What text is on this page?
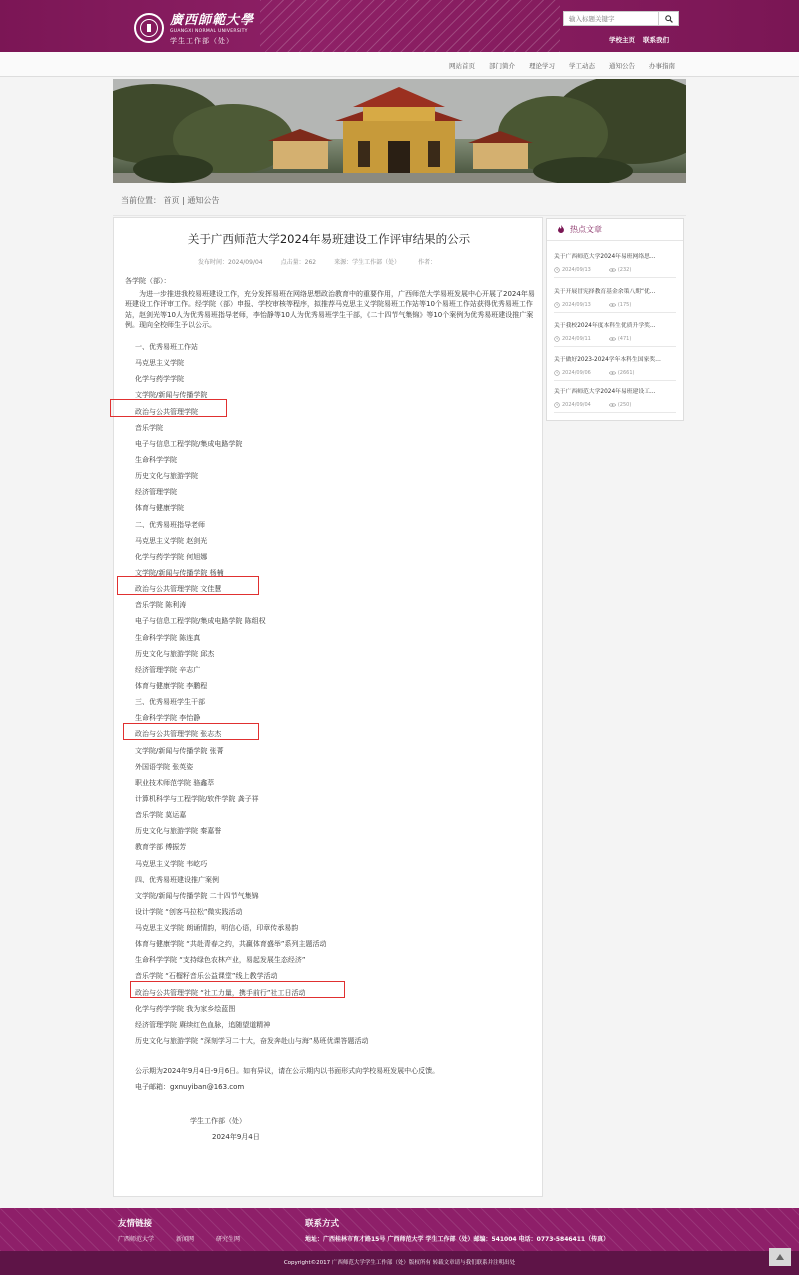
廣西師範大學
GUANGXI NORMAL UNIVERSITY
学生工作部（处）
输入标题关键字	学校主页 联系我们
网站首页 部门简介 理论学习 学工动态 通知公告 办事指南
当前位置： 首页 | 通知公告
关于广西师范大学2024年易班建设工作评审结果的公示
发布时间：2024/09/04	点击量：262	来源：学生工作部（处）	作者：

各学院（部）：

为进一步推进我校易班建设工作，充分发挥易班在网络思想政治教育中的重要作用，广西师范大学易班发展中心开展了2024年易班建设工作评审工作。经学院（部）申报、学校审核等程序，拟推荐马克思主义学院易班工作站等10个易班工作站获得优秀易班工作站，赵剑光等10人为优秀易班指导老师，李怡静等10人为优秀易班学生干部，《二十四节气集锦》等10个案例为优秀易班建设推广案例。现向全校师生予以公示。

一、优秀易班工作站
马克思主义学院
化学与药学学院
文学院/新闻与传播学院
政治与公共管理学院
音乐学院
电子与信息工程学院/集成电路学院
生命科学学院
历史文化与旅游学院
经济管理学院
体育与健康学院
二、优秀易班指导老师
马克思主义学院 赵剑光
化学与药学学院 何旭娜
文学院/新闻与传播学院 杨楠
政治与公共管理学院 文佳慧
音乐学院 陈利涛
电子与信息工程学院/集成电路学院 陈组权
生命科学学院 陈连真
历史文化与旅游学院 邱杰
经济管理学院 辛志广
体育与健康学院 李鹏程
三、优秀易班学生干部
生命科学学院 李怡静
政治与公共管理学院 张志杰
文学院/新闻与传播学院 张菁
外国语学院 张英姿
职业技术师范学院 骆鑫萃
计算机科学与工程学院/软件学院 龚子祥
音乐学院 莫运嘉
历史文化与旅游学院 秦嘉誉
教育学部 傅振芳
马克思主义学院 韦屹巧
四、优秀易班建设推广案例
文学院/新闻与传播学院 二十四节气集锦
设计学院 “创客马拉松”微实践活动
马克思主义学院 朗诵情韵，明信心语，印章传承易韵
体育与健康学院 “共赴青春之约，共赢体育盛举”系列主题活动
生命科学学院 “支持绿色农林产业，易起发展生态经济”
音乐学院 “石榴籽音乐公益课堂”线上教学活动
政治与公共管理学院 “社工力量，携手前行”社工日活动
化学与药学学院 我为家乡绘蓝图
经济管理学院 赓续红色血脉，追随望道精神
历史文化与旅游学院 “深刻学习二十大，奋发奔赴山与海”易班优课答题活动
公示期为2024年9月4日-9月6日。如有异议，请在公示期内以书面形式向学校易班发展中心反馈。
电子邮箱：gxnuyiban@163.com
学生工作部（处）
2024年9月4日
热点文章
关于广西师范大学2024年易班网络思…
2024/09/13	(232)
关于开展冒宪择教育基金余策八期“优…
2024/09/13	(175)
关于我校2024年度本科生优质升学奖…
2024/09/11	(471)
关于做好2023-2024学年本科生国家奖…
2024/09/06	(2661)
关于广西师范大学2024年易班建设工…
2024/09/04	(250)
友情链接
广西师范大学	新闻网	研究生网
联系方式
地址：广西桂林市育才路15号 广西师范大学 学生工作部（处）邮编：541004 电话：0773-5846411（传真）
Copyright©2017 广西师范大学学生工作部（处）版权所有 转载文章请与我们联系并注明出处
